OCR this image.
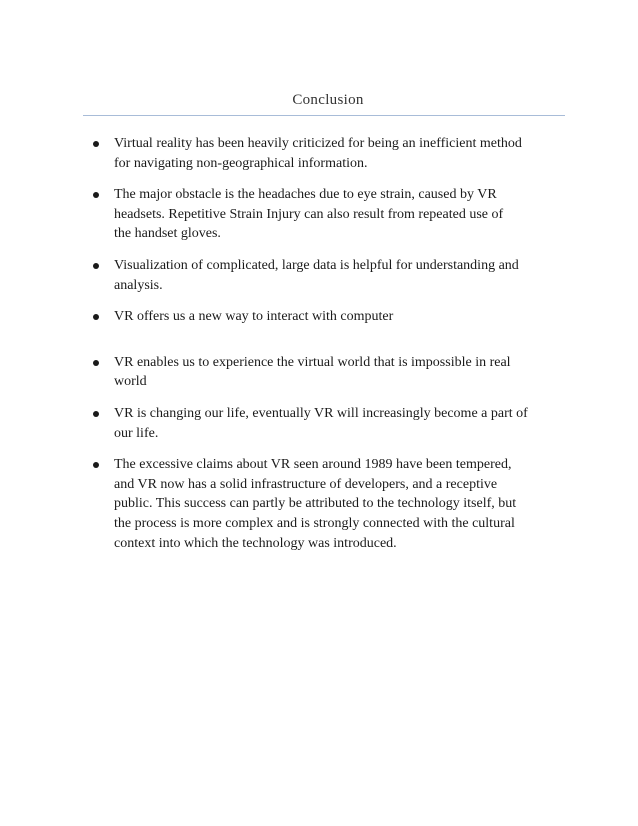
Conclusion
Virtual reality has been heavily criticized for being an inefficient method
for navigating non-geographical information.
The major obstacle is the headaches due to eye strain, caused by VR
headsets. Repetitive Strain Injury can also result from repeated use of
the handset gloves.
Visualization of complicated, large data is helpful for understanding and
analysis.
VR offers us a new way to interact with computer
VR enables us to experience the virtual world that is impossible in real
world
VR is changing our life, eventually VR will increasingly become a part of
our life.
The excessive claims about VR seen around 1989 have been tempered,
and VR now has a solid infrastructure of developers, and a receptive
public. This success can partly be attributed to the technology itself, but
the process is more complex and is strongly connected with the cultural
context into which the technology was introduced.
